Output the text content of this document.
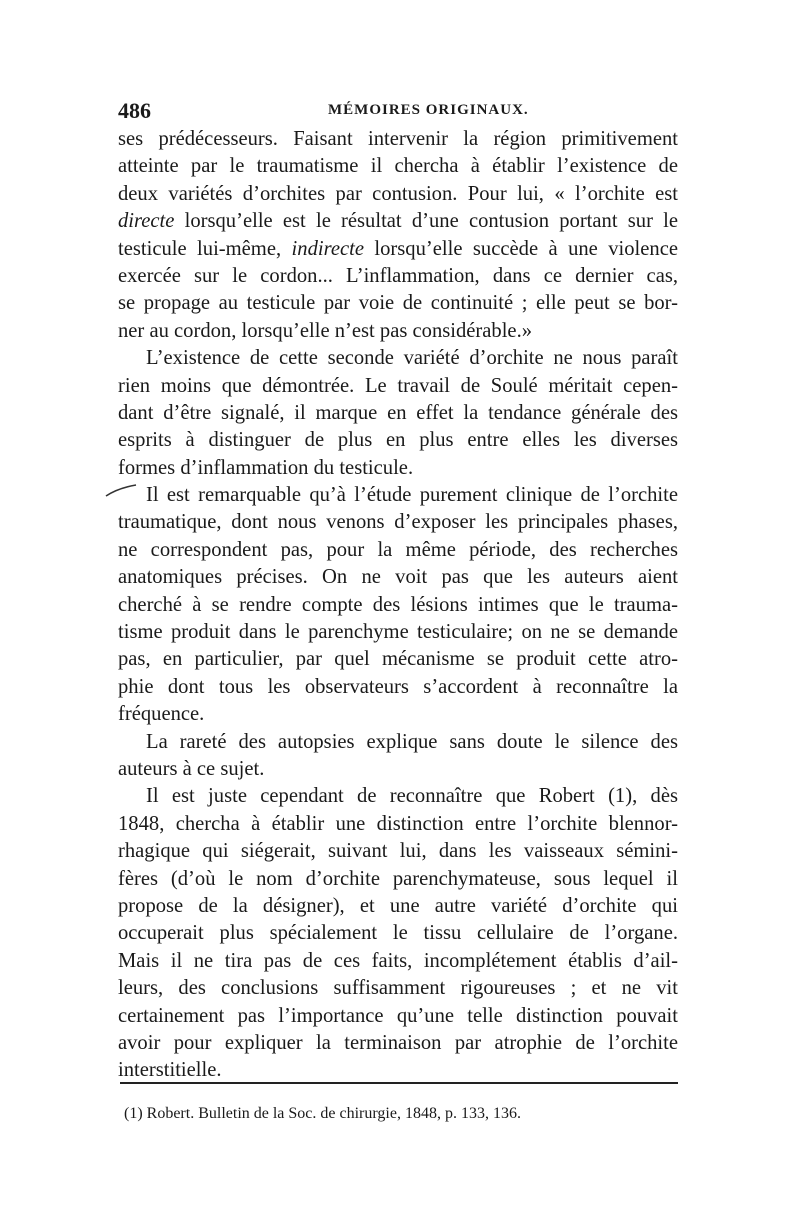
486	MÉMOIRES ORIGINAUX.
ses prédécesseurs. Faisant intervenir la région primitivement
atteinte par le traumatisme il chercha à établir l’existence de
deux variétés d’orchites par contusion. Pour lui, « l’orchite est
directe lorsqu’elle est le résultat d’une contusion portant sur le
testicule lui-même, indirecte lorsqu’elle succède à une violence
exercée sur le cordon... L’inflammation, dans ce dernier cas,
se propage au testicule par voie de continuité ; elle peut se bor-
ner au cordon, lorsqu’elle n’est pas considérable.»
L’existence de cette seconde variété d’orchite ne nous paraît
rien moins que démontrée. Le travail de Soulé méritait cepen-
dant d’être signalé, il marque en effet la tendance générale des
esprits à distinguer de plus en plus entre elles les diverses
formes d’inflammation du testicule.
Il est remarquable qu’à l’étude purement clinique de l’orchite
traumatique, dont nous venons d’exposer les principales phases,
ne correspondent pas, pour la même période, des recherches
anatomiques précises. On ne voit pas que les auteurs aient
cherché à se rendre compte des lésions intimes que le trauma-
tisme produit dans le parenchyme testiculaire; on ne se demande
pas, en particulier, par quel mécanisme se produit cette atro-
phie dont tous les observateurs s’accordent à reconnaître la
fréquence.
La rareté des autopsies explique sans doute le silence des
auteurs à ce sujet.
Il est juste cependant de reconnaître que Robert (1), dès
1848, chercha à établir une distinction entre l’orchite blennor-
rhagique qui siégerait, suivant lui, dans les vaisseaux sémini-
fères (d’où le nom d’orchite parenchymateuse, sous lequel il
propose de la désigner), et une autre variété d’orchite qui
occuperait plus spécialement le tissu cellulaire de l’organe.
Mais il ne tira pas de ces faits, incomplétement établis d’ail-
leurs, des conclusions suffisamment rigoureuses ; et ne vit
certainement pas l’importance qu’une telle distinction pouvait
avoir pour expliquer la terminaison par atrophie de l’orchite
interstitielle.
(1) Robert. Bulletin de la Soc. de chirurgie, 1848, p. 133, 136.
